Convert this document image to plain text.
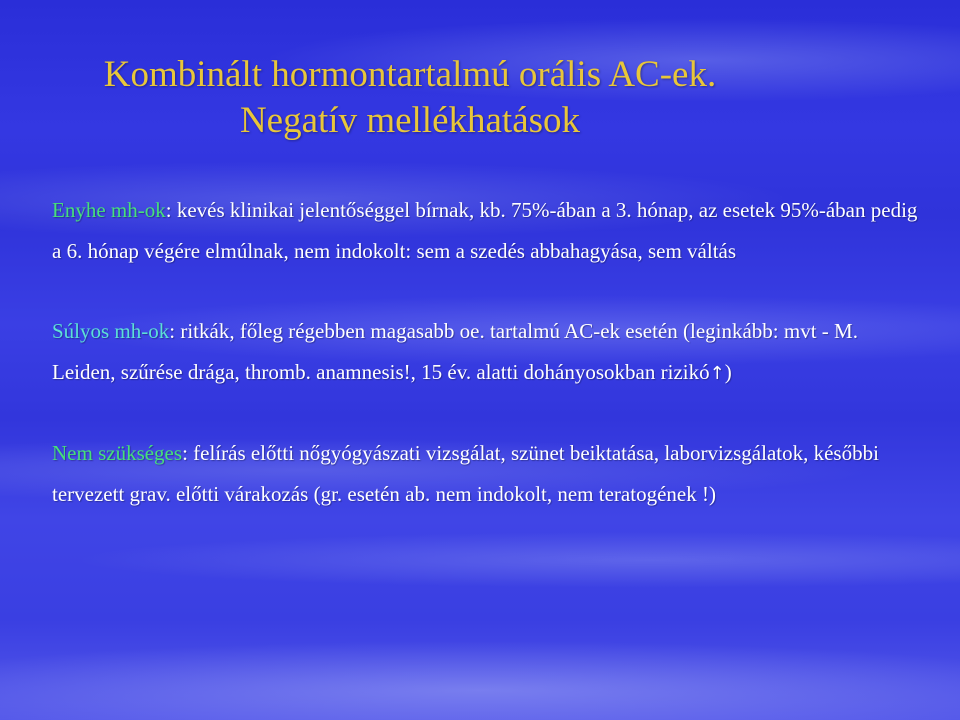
Kombinált hormontartalmú orális AC-ek.
Negatív mellékhatások

Enyhe mh-ok: kevés klinikai jelentőséggel bírnak, kb. 75%-ában a 3. hónap, az esetek 95%-ában pedig a 6. hónap végére elmúlnak, nem indokolt: sem a szedés abbahagyása, sem váltás

Súlyos mh-ok: ritkák, főleg régebben magasabb oe. tartalmú AC-ek esetén (leginkább: mvt - M. Leiden, szűrése drága, thromb. anamnesis!, 15 év. alatti dohányosokban rizikó↑)

Nem szükséges: felírás előtti nőgyógyászati vizsgálat, szünet beiktatása, laborvizsgálatok, későbbi tervezett grav. előtti várakozás (gr. esetén ab. nem indokolt, nem teratogének !)
